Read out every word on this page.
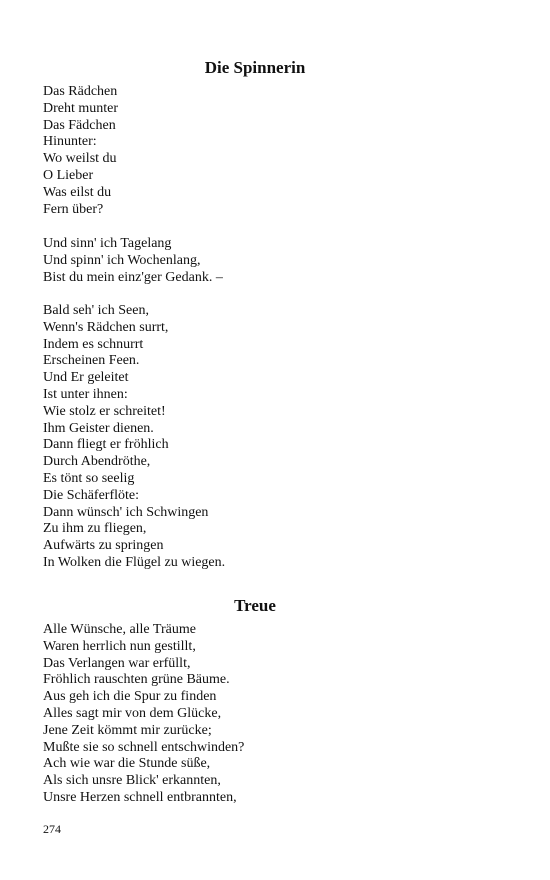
Die Spinnerin
Das Rädchen
Dreht munter
Das Fädchen
Hinunter:
Wo weilst du
O Lieber
Was eilst du
Fern über?
Und sinn' ich Tagelang
Und spinn' ich Wochenlang,
Bist du mein einz'ger Gedank. –
Bald seh' ich Seen,
Wenn's Rädchen surrt,
Indem es schnurrt
Erscheinen Feen.
Und Er geleitet
Ist unter ihnen:
Wie stolz er schreitet!
Ihm Geister dienen.
Dann fliegt er fröhlich
Durch Abendröthe,
Es tönt so seelig
Die Schäferflöte:
Dann wünsch' ich Schwingen
Zu ihm zu fliegen,
Aufwärts zu springen
In Wolken die Flügel zu wiegen.
Treue
Alle Wünsche, alle Träume
Waren herrlich nun gestillt,
Das Verlangen war erfüllt,
Fröhlich rauschten grüne Bäume.
Aus geh ich die Spur zu finden
Alles sagt mir von dem Glücke,
Jene Zeit kömmt mir zurücke;
Mußte sie so schnell entschwinden?
Ach wie war die Stunde süße,
Als sich unsre Blick' erkannten,
Unsre Herzen schnell entbrannten,
274
